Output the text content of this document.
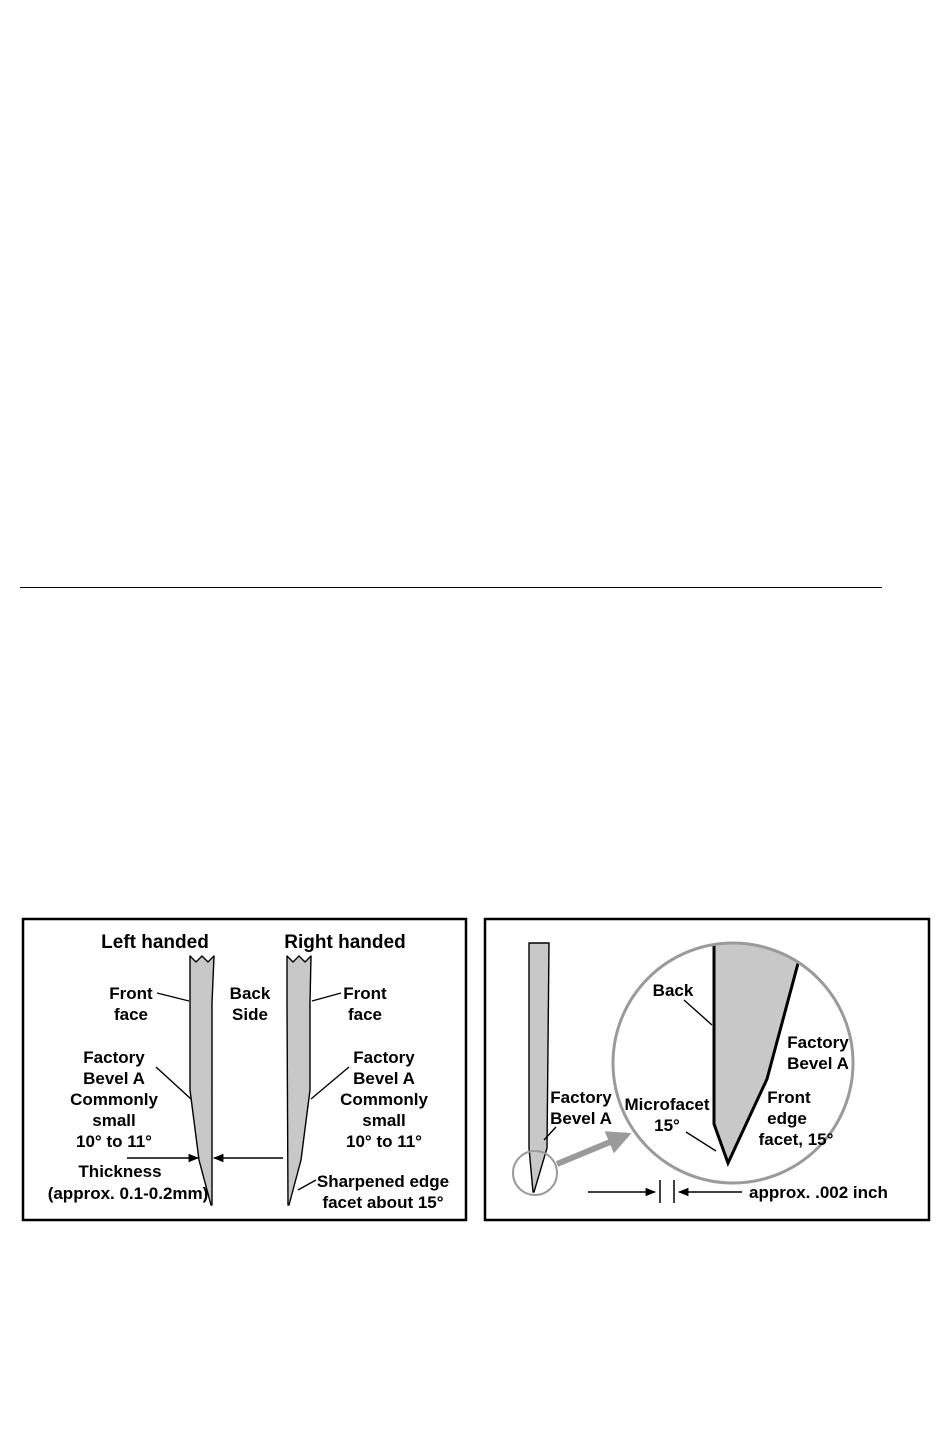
Left handed	Right handed
Front
face
Back
Side
Front
face
Factory
Bevel A
Commonly
small
10° to 11°
Factory
Bevel A
Commonly
small
10° to 11°
Thickness
(approx. 0.1-0.2mm)
Sharpened edge
facet about 15°
Factory
Bevel A
Back
Factory
Bevel A
Microfacet
15°
Front
edge
facet, 15°
approx. .002 inch
